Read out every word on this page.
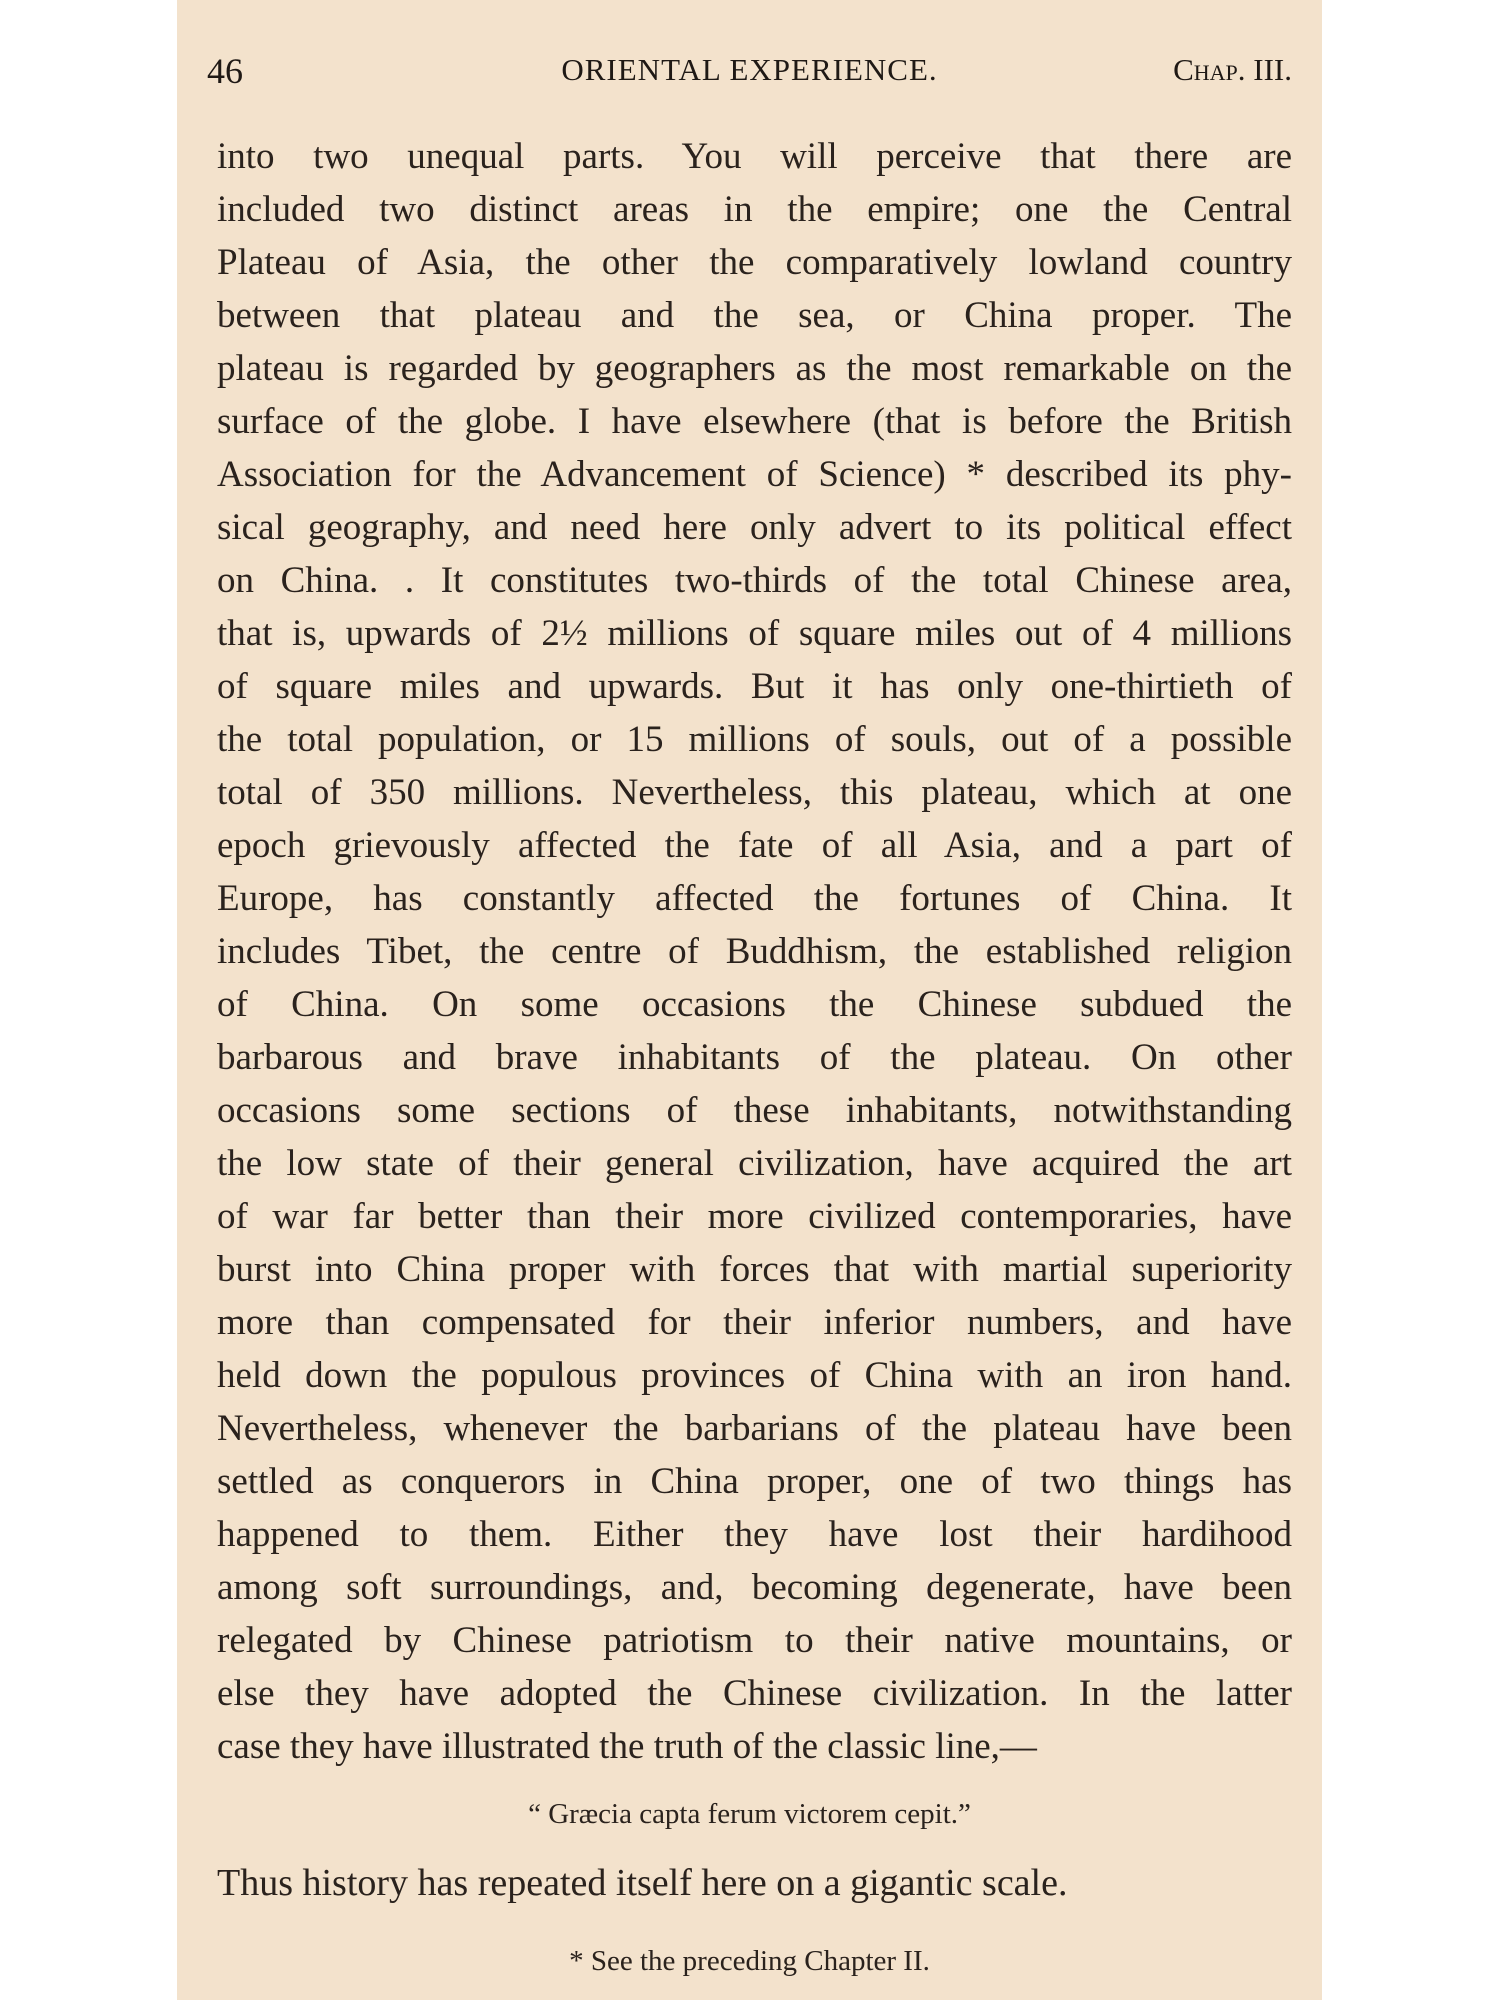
46	ORIENTAL EXPERIENCE.	Chap. III.
into two unequal parts. You will perceive that there are
included two distinct areas in the empire; one the Central
Plateau of Asia, the other the comparatively lowland country
between that plateau and the sea, or China proper. The
plateau is regarded by geographers as the most remarkable on the
surface of the globe. I have elsewhere (that is before the British
Association for the Advancement of Science) * described its phy-
sical geography, and need here only advert to its political effect
on China. . It constitutes two-thirds of the total Chinese area,
that is, upwards of 2½ millions of square miles out of 4 millions
of square miles and upwards. But it has only one-thirtieth of
the total population, or 15 millions of souls, out of a possible
total of 350 millions. Nevertheless, this plateau, which at one
epoch grievously affected the fate of all Asia, and a part of
Europe, has constantly affected the fortunes of China. It
includes Tibet, the centre of Buddhism, the established religion
of China. On some occasions the Chinese subdued the
barbarous and brave inhabitants of the plateau. On other
occasions some sections of these inhabitants, notwithstanding
the low state of their general civilization, have acquired the art
of war far better than their more civilized contemporaries, have
burst into China proper with forces that with martial superiority
more than compensated for their inferior numbers, and have
held down the populous provinces of China with an iron hand.
Nevertheless, whenever the barbarians of the plateau have been
settled as conquerors in China proper, one of two things has
happened to them. Either they have lost their hardihood
among soft surroundings, and, becoming degenerate, have been
relegated by Chinese patriotism to their native mountains, or
else they have adopted the Chinese civilization. In the latter
case they have illustrated the truth of the classic line,—
“ Græcia capta ferum victorem cepit.”
Thus history has repeated itself here on a gigantic scale.
* See the preceding Chapter II.
